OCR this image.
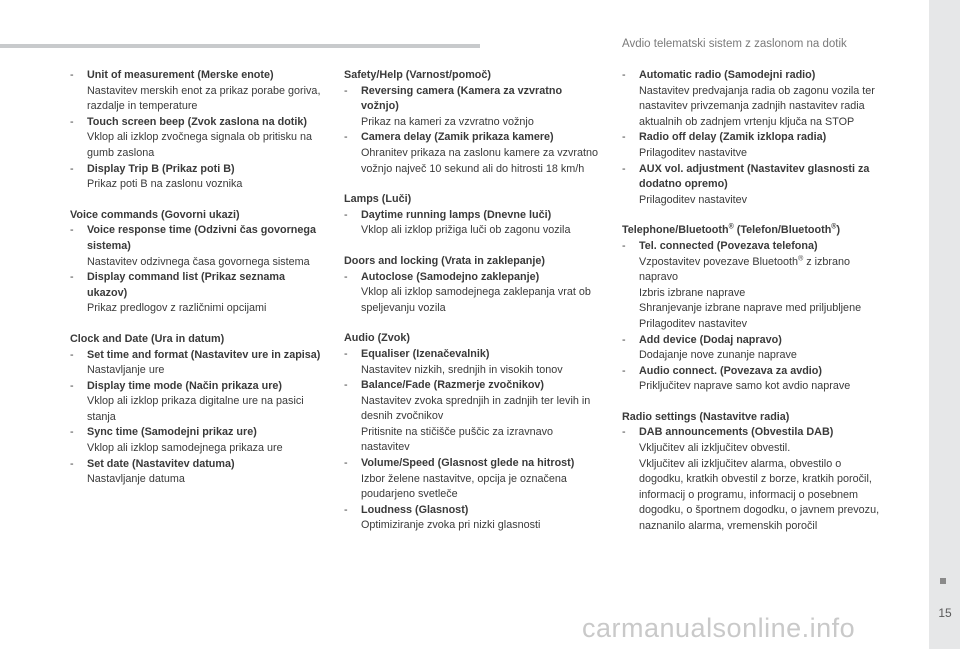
Avdio telematski sistem z zaslonom na dotik
- Unit of measurement (Merske enote)
Nastavitev merskih enot za prikaz porabe goriva, razdalje in temperature
- Touch screen beep (Zvok zaslona na dotik)
Vklop ali izklop zvočnega signala ob pritisku na gumb zaslona
- Display Trip B (Prikaz poti B)
Prikaz poti B na zaslonu voznika
Voice commands (Govorni ukazi)
- Voice response time (Odzivni čas govornega sistema)
Nastavitev odzivnega časa govornega sistema
- Display command list (Prikaz seznama ukazov)
Prikaz predlogov z različnimi opcijami
Clock and Date (Ura in datum)
- Set time and format (Nastavitev ure in zapisa)
Nastavljanje ure
- Display time mode (Način prikaza ure)
Vklop ali izklop prikaza digitalne ure na pasici stanja
- Sync time (Samodejni prikaz ure)
Vklop ali izklop samodejnega prikaza ure
- Set date (Nastavitev datuma)
Nastavljanje datuma
Safety/Help (Varnost/pomoč)
- Reversing camera (Kamera za vzvratno vožnjo)
Prikaz na kameri za vzvratno vožnjo
- Camera delay (Zamik prikaza kamere)
Ohranitev prikaza na zaslonu kamere za vzvratno vožnjo največ 10 sekund ali do hitrosti 18 km/h
Lamps (Luči)
- Daytime running lamps (Dnevne luči)
Vklop ali izklop prižiga luči ob zagonu vozila
Doors and locking (Vrata in zaklepanje)
- Autoclose (Samodejno zaklepanje)
Vklop ali izklop samodejnega zaklepanja vrat ob speljevanju vozila
Audio (Zvok)
- Equaliser (Izenačevalnik)
Nastavitev nizkih, srednjih in visokih tonov
- Balance/Fade (Razmerje zvočnikov)
Nastavitev zvoka sprednjih in zadnjih ter levih in desnih zvočnikov
Pritisnite na stičišče puščic za izravnavo nastavitev
- Volume/Speed (Glasnost glede na hitrost)
Izbor želene nastavitve, opcija je označena poudarjeno svetleče
- Loudness (Glasnost)
Optimiziranje zvoka pri nizki glasnosti
- Automatic radio (Samodejni radio)
Nastavitev predvajanja radia ob zagonu vozila ter nastavitev privzemanja zadnjih nastavitev radia aktualnih ob zadnjem vrtenju ključa na STOP
- Radio off delay (Zamik izklopa radia)
Prilagoditev nastavitve
- AUX vol. adjustment (Nastavitev glasnosti za dodatno opremo)
Prilagoditev nastavitev
Telephone/Bluetooth® (Telefon/Bluetooth®)
- Tel. connected (Povezava telefona)
Vzpostavitev povezave Bluetooth® z izbrano napravo
Izbris izbrane naprave
Shranjevanje izbrane naprave med priljubljene
Prilagoditev nastavitev
- Add device (Dodaj napravo)
Dodajanje nove zunanje naprave
- Audio connect. (Povezava za avdio)
Priključitev naprave samo kot avdio naprave
Radio settings (Nastavitve radia)
- DAB announcements (Obvestila DAB)
Vključitev ali izključitev obvestil.
Vključitev ali izključitev alarma, obvestilo o dogodku, kratkih obvestil z borze, kratkih poročil, informacij o programu, informacij o posebnem dogodku, o športnem dogodku, o javnem prevozu, naznanilo alarma, vremenskih poročil
15
carmanualsonline.info
